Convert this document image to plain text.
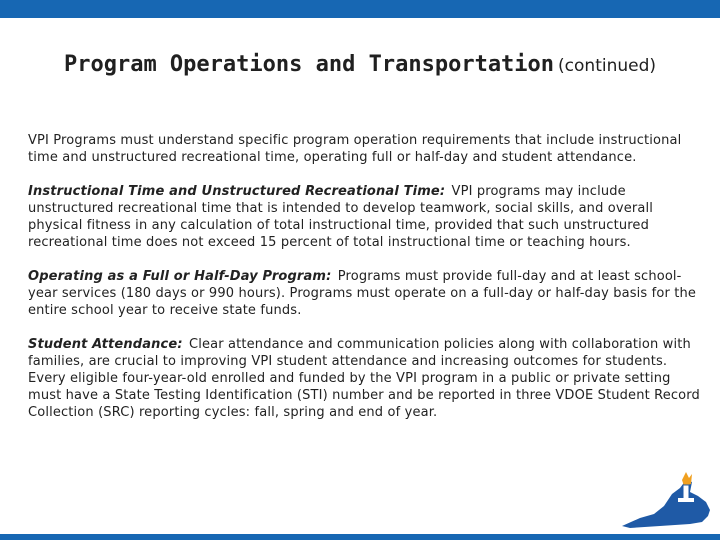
Program Operations and Transportation (continued)

VPI Programs must understand specific program operation requirements that include instructional time and unstructured recreational time, operating full or half-day and student attendance.

Instructional Time and Unstructured Recreational Time: VPI programs may include unstructured recreational time that is intended to develop teamwork, social skills, and overall physical fitness in any calculation of total instructional time, provided that such unstructured recreational time does not exceed 15 percent of total instructional time or teaching hours.

Operating as a Full or Half-Day Program: Programs must provide full-day and at least school-year services (180 days or 990 hours). Programs must operate on a full-day or half-day basis for the entire school year to receive state funds.

Student Attendance: Clear attendance and communication policies along with collaboration with families, are crucial to improving VPI student attendance and increasing outcomes for students. Every eligible four-year-old enrolled and funded by the VPI program in a public or private setting must have a State Testing Identification (STI) number and be reported in three VDOE Student Record Collection (SRC) reporting cycles: fall, spring and end of year.
